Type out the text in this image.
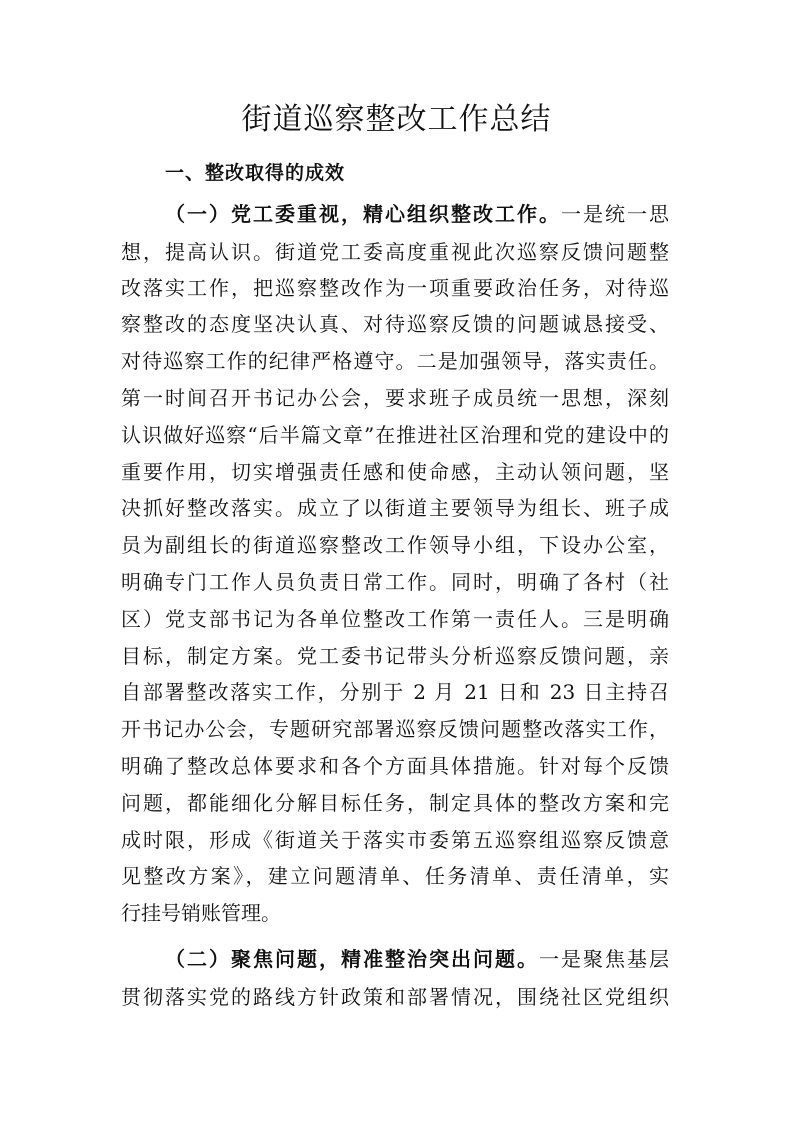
街道巡察整改工作总结
一、整改取得的成效
（一）党工委重视，精心组织整改工作。一是统一思
想，提高认识。街道党工委高度重视此次巡察反馈问题整
改落实工作，把巡察整改作为一项重要政治任务，对待巡
察整改的态度坚决认真、对待巡察反馈的问题诚恳接受、
对待巡察工作的纪律严格遵守。二是加强领导，落实责任。
第一时间召开书记办公会，要求班子成员统一思想，深刻
认识做好巡察“后半篇文章”在推进社区治理和党的建设中的
重要作用，切实增强责任感和使命感，主动认领问题，坚
决抓好整改落实。成立了以街道主要领导为组长、班子成
员为副组长的街道巡察整改工作领导小组，下设办公室，
明确专门工作人员负责日常工作。同时，明确了各村（社
区）党支部书记为各单位整改工作第一责任人。三是明确
目标，制定方案。党工委书记带头分析巡察反馈问题，亲
自部署整改落实工作，分别于 2 月 21 日和 23 日主持召
开书记办公会，专题研究部署巡察反馈问题整改落实工作，
明确了整改总体要求和各个方面具体措施。针对每个反馈
问题，都能细化分解目标任务，制定具体的整改方案和完
成时限，形成《街道关于落实市委第五巡察组巡察反馈意
见整改方案》，建立问题清单、任务清单、责任清单，实
行挂号销账管理。
（二）聚焦问题，精准整治突出问题。一是聚焦基层
贯彻落实党的路线方针政策和部署情况，围绕社区党组织
